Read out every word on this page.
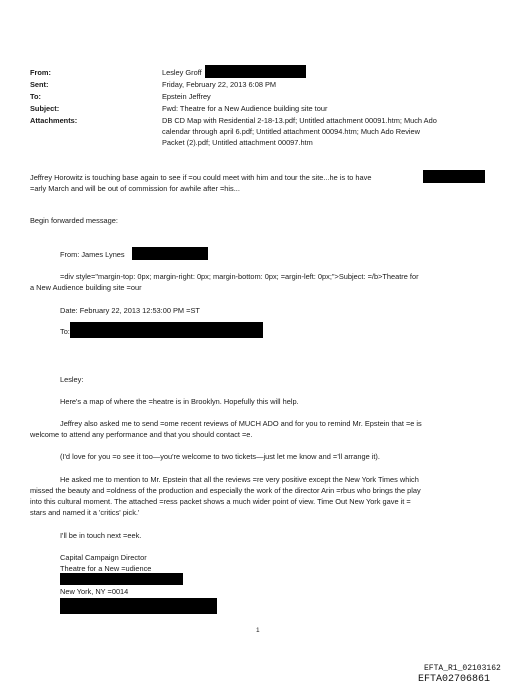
From:	Lesley Groff
Sent:	Friday, February 22, 2013 6:08 PM
To:	Epstein Jeffrey
Subject:	Fwd: Theatre for a New Audience building site tour
Attachments:	DB CD Map with Residential 2-18-13.pdf; Untitled attachment 00091.htm; Much Ado
calendar through april 6.pdf; Untitled attachment 00094.htm; Much Ado Review
Packet (2).pdf; Untitled attachment 00097.htm
Jeffrey Horowitz is touching base again to see if =ou could meet with him and tour the site...he is to have
=arly March and will be out of commission for awhile after =his...
Begin forwarded message:
From: James Lynes
=div style="margin-top: 0px; margin-right: 0px; margin-bottom: 0px; =argin-left: 0px;">Subject: =/b>Theatre for
a New Audience building site =our
Date: February 22, 2013 12:53:00 PM =ST
To:
Lesley:
Here's a map of where the =heatre is in Brooklyn. Hopefully this will help.
Jeffrey also asked me to send =ome recent reviews of MUCH ADO and for you to remind Mr. Epstein that =e is
welcome to attend any performance and that you should contact =e.
(I'd love for you =o see it too—you're welcome to two tickets—just let me know and =’ll arrange it).
He asked me to mention to Mr. Epstein that all the reviews =re very positive except the New York Times which
missed the beauty and =oldness of the production and especially the work of the director Arin =rbus who brings the play
into this cultural moment. The attached =ress packet shows a much wider point of view. Time Out New York gave it =
stars and named it a 'critics' pick.'
I'll be in touch next =eek.
Capital Campaign Director
Theatre for a New =udience
New York, NY =0014
1
EFTA_R1_02103162
EFTA02706861
